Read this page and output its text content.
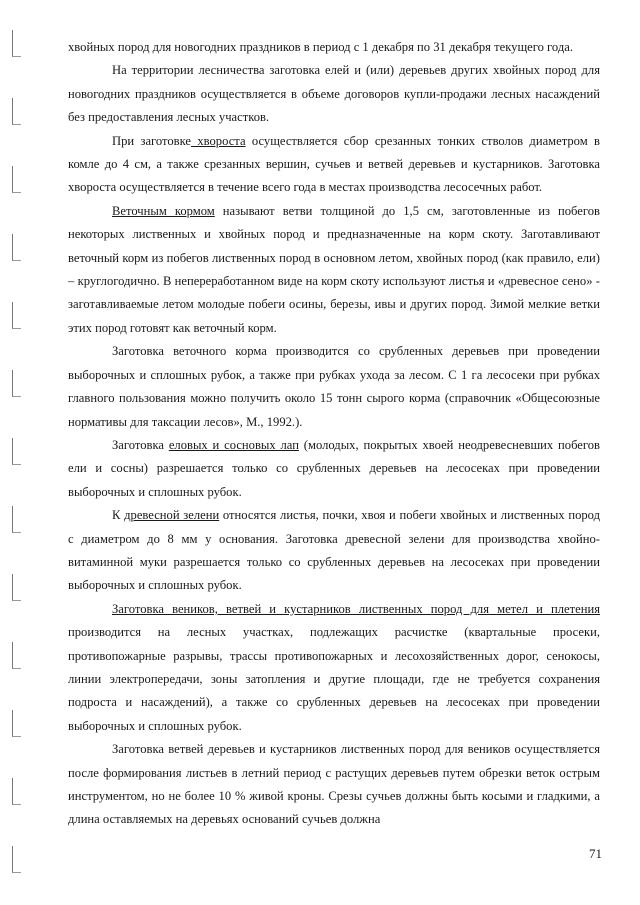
хвойных пород для новогодних праздников в период с 1 декабря по 31 декабря текущего года.

На территории лесничества заготовка елей и (или) деревьев других хвойных пород для новогодних праздников осуществляется в объеме договоров купли-продажи лесных насаждений без предоставления лесных участков.

При заготовке хвороста осуществляется сбор срезанных тонких стволов диаметром в комле до 4 см, а также срезанных вершин, сучьев и ветвей деревьев и кустарников. Заготовка хвороста осуществляется в течение всего года в местах производства лесосечных работ.

Веточным кормом называют ветви толщиной до 1,5 см, заготовленные из побегов некоторых лиственных и хвойных пород и предназначенные на корм скоту. Заготавливают веточный корм из побегов лиственных пород в основном летом, хвойных пород (как правило, ели) – круглогодично. В непереработанном виде на корм скоту используют листья и «древесное сено» - заготавливаемые летом молодые побеги осины, березы, ивы и других пород. Зимой мелкие ветки этих пород готовят как веточный корм.

Заготовка веточного корма производится со срубленных деревьев при проведении выборочных и сплошных рубок, а также при рубках ухода за лесом. С 1 га лесосеки при рубках главного пользования можно получить около 15 тонн сырого корма (справочник «Общесоюзные нормативы для таксации лесов», М., 1992.).

Заготовка еловых и сосновых лап (молодых, покрытых хвоей неодревесневших побегов ели и сосны) разрешается только со срубленных деревьев на лесосеках при проведении выборочных и сплошных рубок.

К древесной зелени относятся листья, почки, хвоя и побеги хвойных и лиственных пород с диаметром до 8 мм у основания. Заготовка древесной зелени для производства хвойно-витаминной муки разрешается только со срубленных деревьев на лесосеках при проведении выборочных и сплошных рубок.

Заготовка веников, ветвей и кустарников лиственных пород для метел и плетения производится на лесных участках, подлежащих расчистке (квартальные просеки, противопожарные разрывы, трассы противопожарных и лесохозяйственных дорог, сенокосы, линии электропередачи, зоны затопления и другие площади, где не требуется сохранения подроста и насаждений), а также со срубленных деревьев на лесосеках при проведении выборочных и сплошных рубок.

Заготовка ветвей деревьев и кустарников лиственных пород для веников осуществляется после формирования листьев в летний период с растущих деревьев путем обрезки веток острым инструментом, но не более 10 % живой кроны. Срезы сучьев должны быть косыми и гладкими, а длина оставляемых на деревьях оснований сучьев должна

71
